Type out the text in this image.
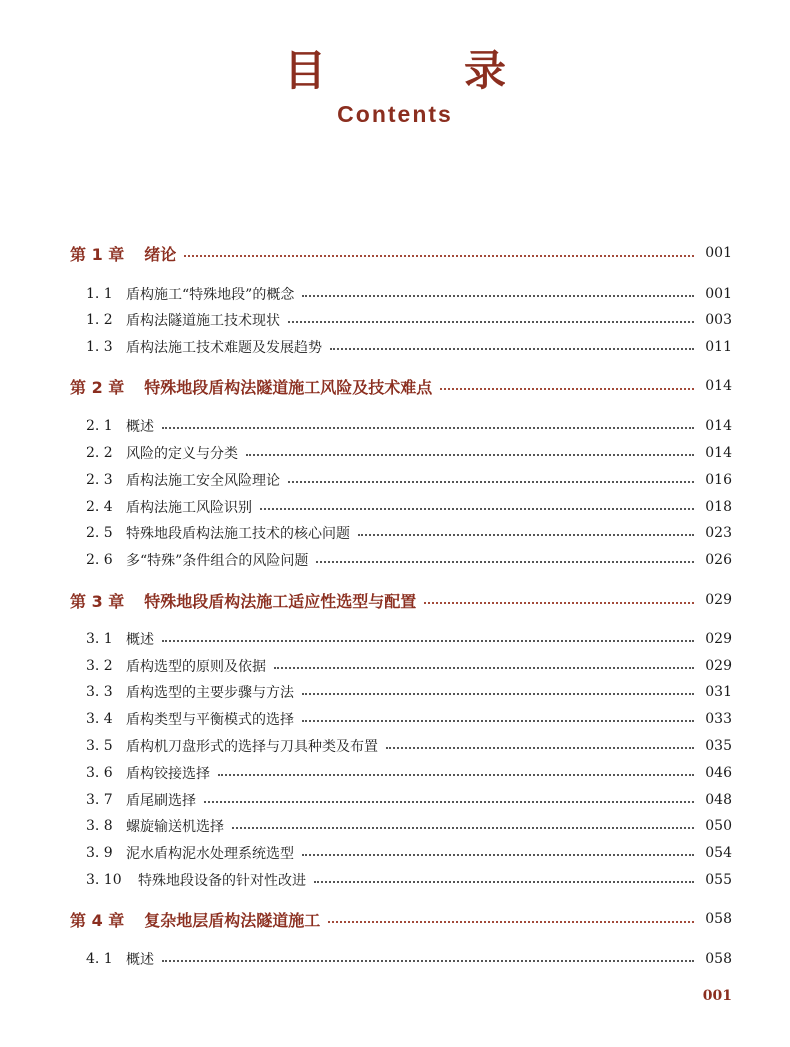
目　录
Contents
第 1 章 绪论	001
1. 1 盾构施工“特殊地段”的概念	001
1. 2 盾构法隧道施工技术现状	003
1. 3 盾构法施工技术难题及发展趋势	011
第 2 章 特殊地段盾构法隧道施工风险及技术难点	014
2. 1 概述	014
2. 2 风险的定义与分类	014
2. 3 盾构法施工安全风险理论	016
2. 4 盾构法施工风险识别	018
2. 5 特殊地段盾构法施工技术的核心问题	023
2. 6 多“特殊”条件组合的风险问题	026
第 3 章 特殊地段盾构法施工适应性选型与配置	029
3. 1 概述	029
3. 2 盾构选型的原则及依据	029
3. 3 盾构选型的主要步骤与方法	031
3. 4 盾构类型与平衡模式的选择	033
3. 5 盾构机刀盘形式的选择与刀具种类及布置	035
3. 6 盾构铰接选择	046
3. 7 盾尾刷选择	048
3. 8 螺旋输送机选择	050
3. 9 泥水盾构泥水处理系统选型	054
3. 10	特殊地段设备的针对性改进	055
第 4 章 复杂地层盾构法隧道施工	058
4. 1 概述	058
001
